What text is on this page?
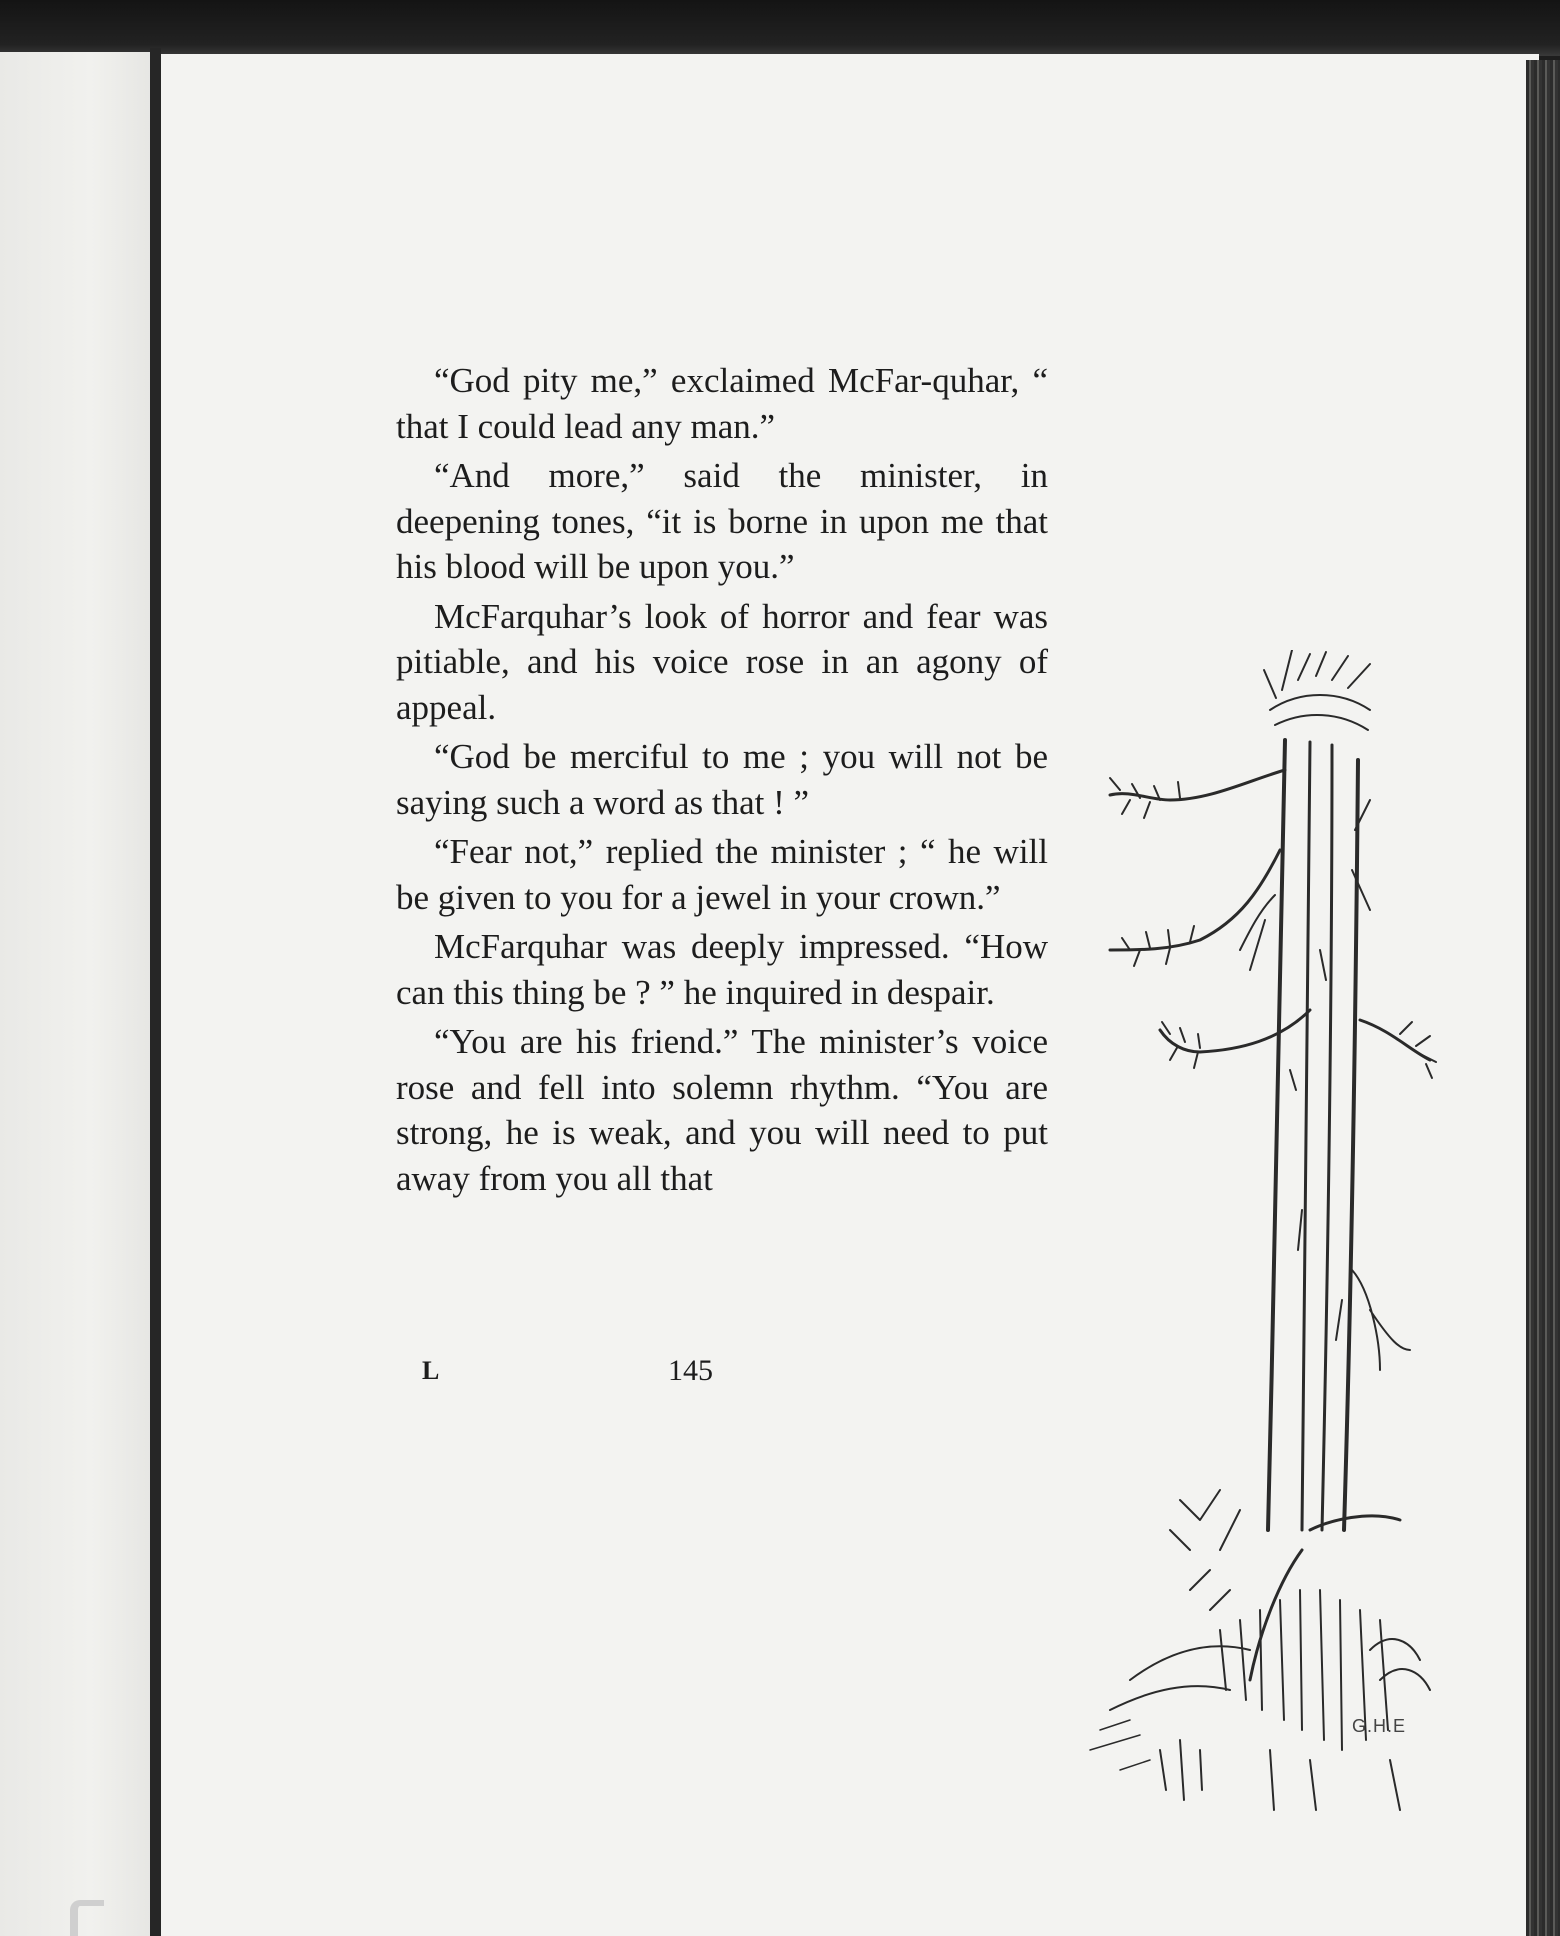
“God pity me,” exclaimed McFar-quhar, “ that I could lead any man.”

“And more,” said the minister, in deepening tones, “it is borne in upon me that his blood will be upon you.”

McFarquhar’s look of horror and fear was pitiable, and his voice rose in an agony of appeal.

“God be merciful to me ; you will not be saying such a word as that ! ”

“Fear not,” replied the minister ; “ he will be given to you for a jewel in your crown.”

McFarquhar was deeply impressed. “How can this thing be ? ” he inquired in despair.

“You are his friend.” The minister’s voice rose and fell into solemn rhythm. “You are strong, he is weak, and you will need to put away from you all that

L	145
G.H.E
